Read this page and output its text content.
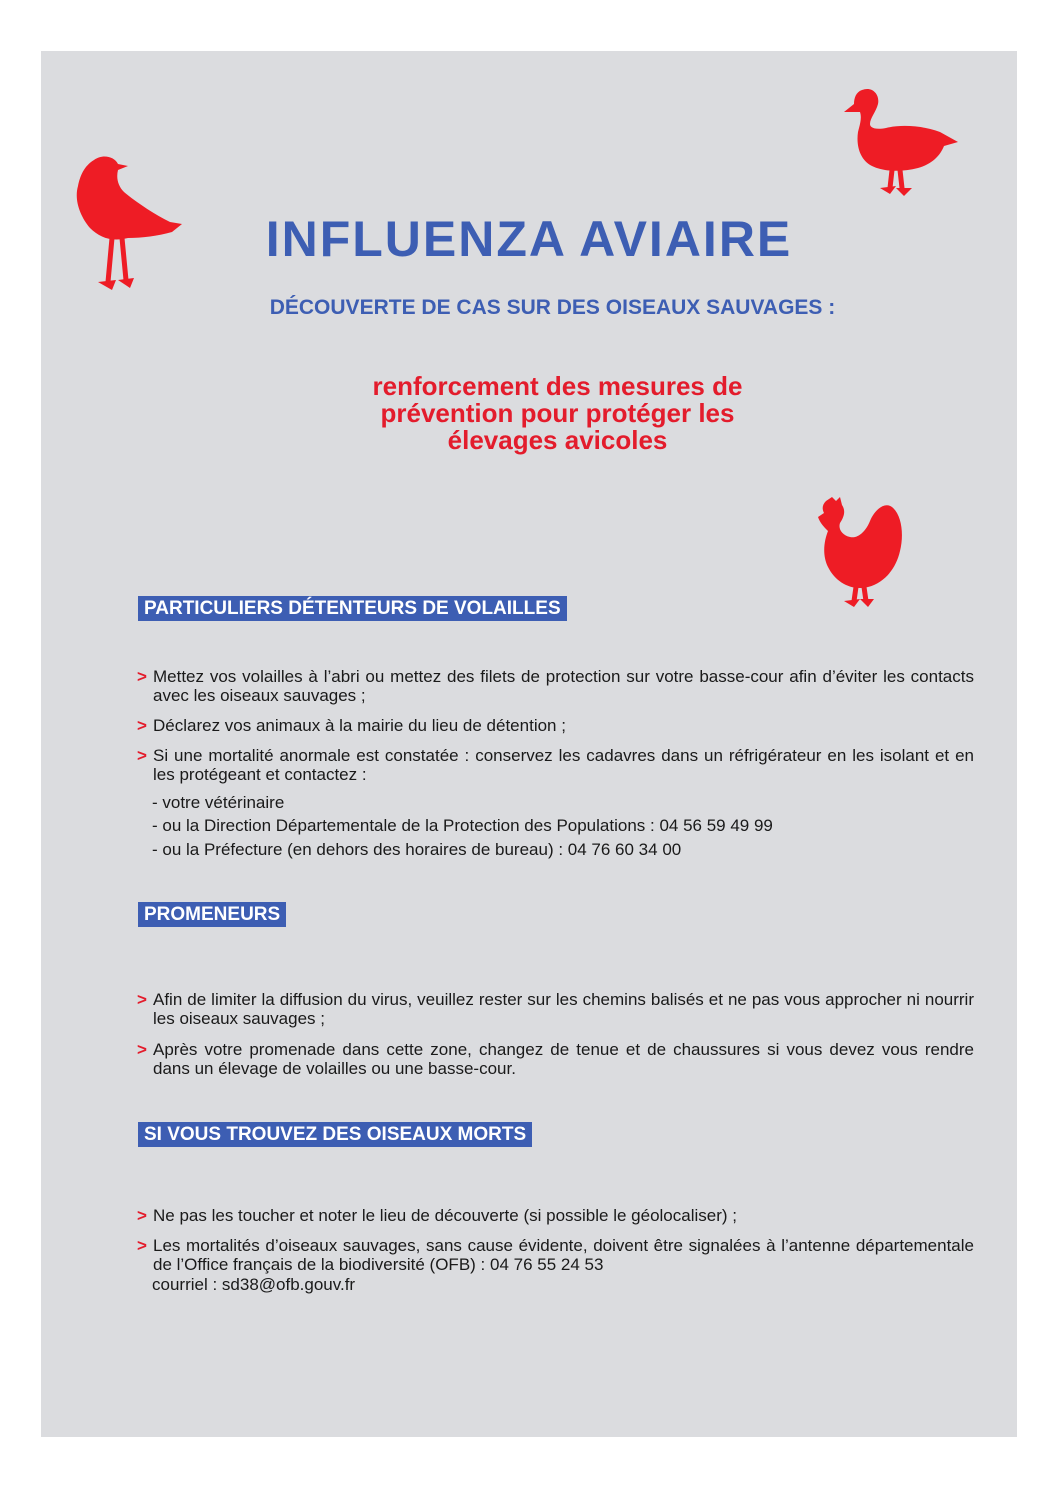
INFLUENZA AVIAIRE
DÉCOUVERTE DE CAS SUR DES OISEAUX SAUVAGES :
renforcement des mesures de
prévention pour protéger les
élevages avicoles
PARTICULIERS DÉTENTEURS DE VOLAILLES
> Mettez vos volailles à l’abri ou mettez des filets de protection sur votre basse-cour afin d’éviter les contacts avec les oiseaux sauvages ;
> Déclarez vos animaux à la mairie du lieu de détention ;
> Si une mortalité anormale est constatée : conservez les cadavres dans un réfrigérateur en les isolant et en les protégeant et contactez :
- votre vétérinaire
- ou la Direction Départementale de la Protection des Populations : 04 56 59 49 99
- ou la Préfecture (en dehors des horaires de bureau) : 04 76 60 34 00
PROMENEURS
> Afin de limiter la diffusion du virus, veuillez rester sur les chemins balisés et ne pas vous approcher ni nourrir les oiseaux sauvages ;
> Après votre promenade dans cette zone, changez de tenue et de chaussures si vous devez vous rendre dans un élevage de volailles ou une basse-cour.
SI VOUS TROUVEZ DES OISEAUX MORTS
> Ne pas les toucher et noter le lieu de découverte (si possible le géolocaliser) ;
> Les mortalités d’oiseaux sauvages, sans cause évidente, doivent être signalées à l’antenne départementale de l’Office français de la biodiversité (OFB) : 04 76 55 24 53
courriel : sd38@ofb.gouv.fr
